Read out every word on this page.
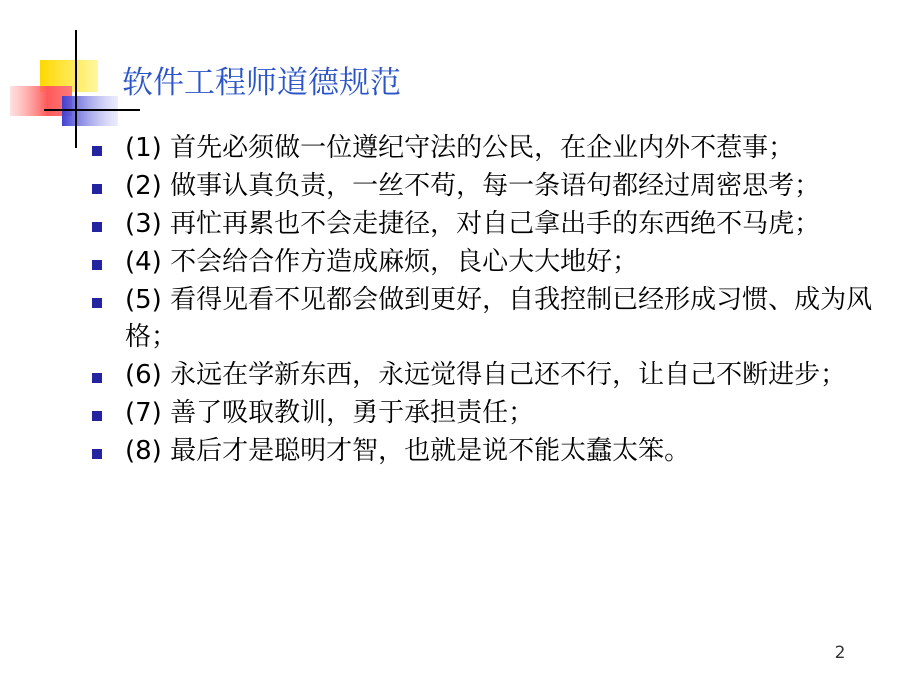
软件工程师道德规范
(1) 首先必须做一位遵纪守法的公民，在企业内外不惹事；
(2) 做事认真负责，一丝不苟，每一条语句都经过周密思考；
(3) 再忙再累也不会走捷径，对自己拿出手的东西绝不马虎；
(4) 不会给合作方造成麻烦，良心大大地好；
(5) 看得见看不见都会做到更好，自我控制已经形成习惯、成为风格；
(6) 永远在学新东西，永远觉得自己还不行，让自己不断进步；
(7) 善了吸取教训，勇于承担责任；
(8) 最后才是聪明才智，也就是说不能太蠢太笨。
2
